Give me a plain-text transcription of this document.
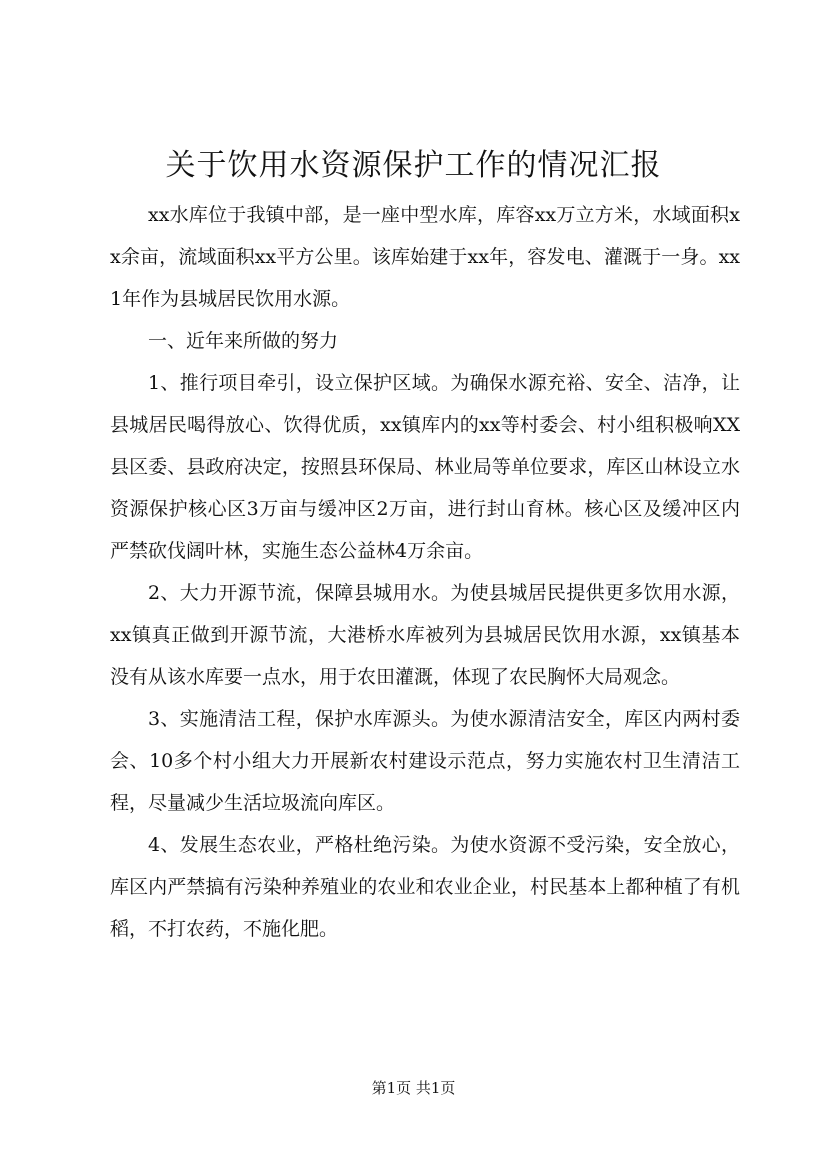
关于饮用水资源保护工作的情况汇报

xx水库位于我镇中部，是一座中型水库，库容xx万立方米，水域面积xx余亩，流域面积xx平方公里。该库始建于xx年，容发电、灌溉于一身。xx1年作为县城居民饮用水源。

一、近年来所做的努力

1、推行项目牵引，设立保护区域。为确保水源充裕、安全、洁净，让县城居民喝得放心、饮得优质，xx镇库内的xx等村委会、村小组积极响XX县区委、县政府决定，按照县环保局、林业局等单位要求，库区山林设立水资源保护核心区3万亩与缓冲区2万亩，进行封山育林。核心区及缓冲区内严禁砍伐阔叶林，实施生态公益林4万余亩。

2、大力开源节流，保障县城用水。为使县城居民提供更多饮用水源，xx镇真正做到开源节流，大港桥水库被列为县城居民饮用水源，xx镇基本没有从该水库要一点水，用于农田灌溉，体现了农民胸怀大局观念。

3、实施清洁工程，保护水库源头。为使水源清洁安全，库区内两村委会、10多个村小组大力开展新农村建设示范点，努力实施农村卫生清洁工程，尽量减少生活垃圾流向库区。

4、发展生态农业，严格杜绝污染。为使水资源不受污染，安全放心，库区内严禁搞有污染种养殖业的农业和农业企业，村民基本上都种植了有机稻，不打农药，不施化肥。

第1页 共1页
